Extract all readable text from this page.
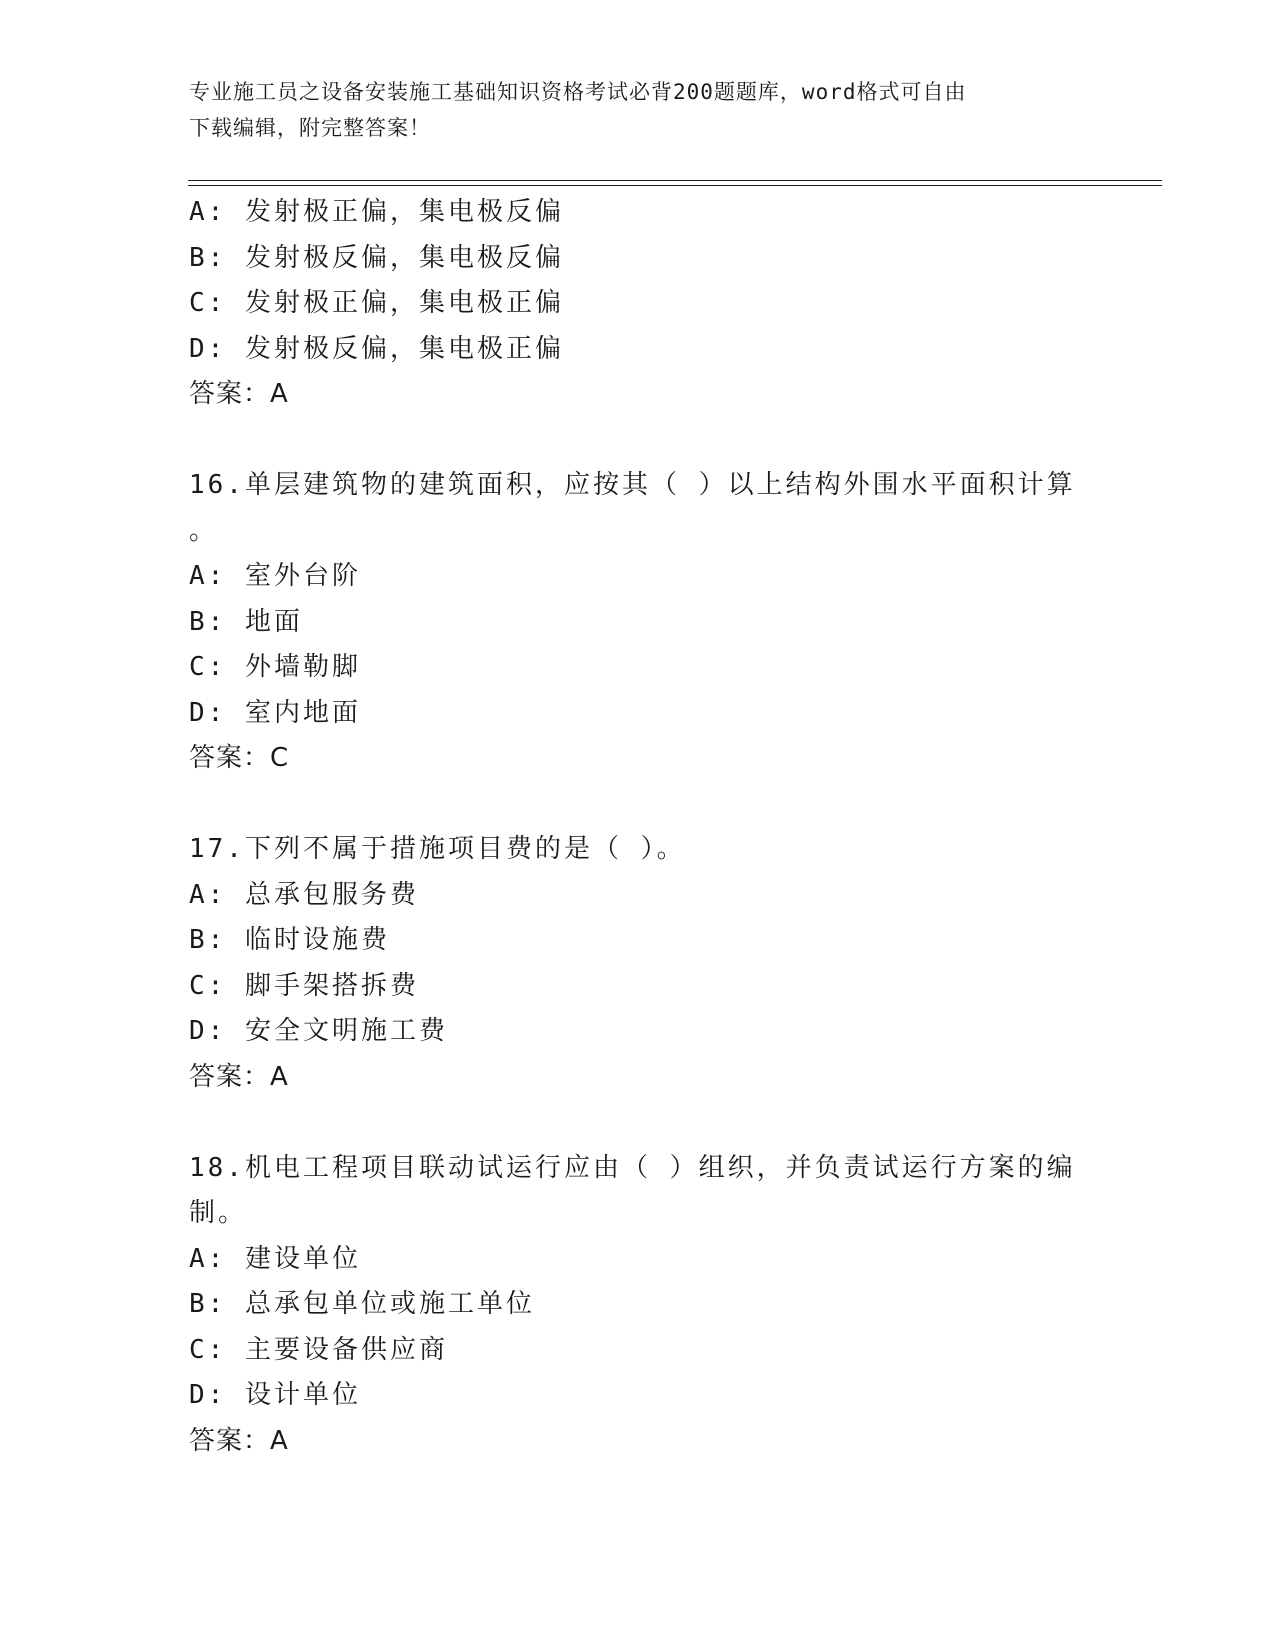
专业施工员之设备安装施工基础知识资格考试必背200题题库，word格式可自由
下载编辑，附完整答案！
A: 发射极正偏，集电极反偏
B: 发射极反偏，集电极反偏
C: 发射极正偏，集电极正偏
D: 发射极反偏，集电极正偏
答案：A
16.单层建筑物的建筑面积，应按其（ ）以上结构外围水平面积计算
。
A: 室外台阶
B: 地面
C: 外墙勒脚
D: 室内地面
答案：C
17.下列不属于措施项目费的是（ ）。
A: 总承包服务费
B: 临时设施费
C: 脚手架搭拆费
D: 安全文明施工费
答案：A
18.机电工程项目联动试运行应由（ ）组织，并负责试运行方案的编
制。
A: 建设单位
B: 总承包单位或施工单位
C: 主要设备供应商
D: 设计单位
答案：A
